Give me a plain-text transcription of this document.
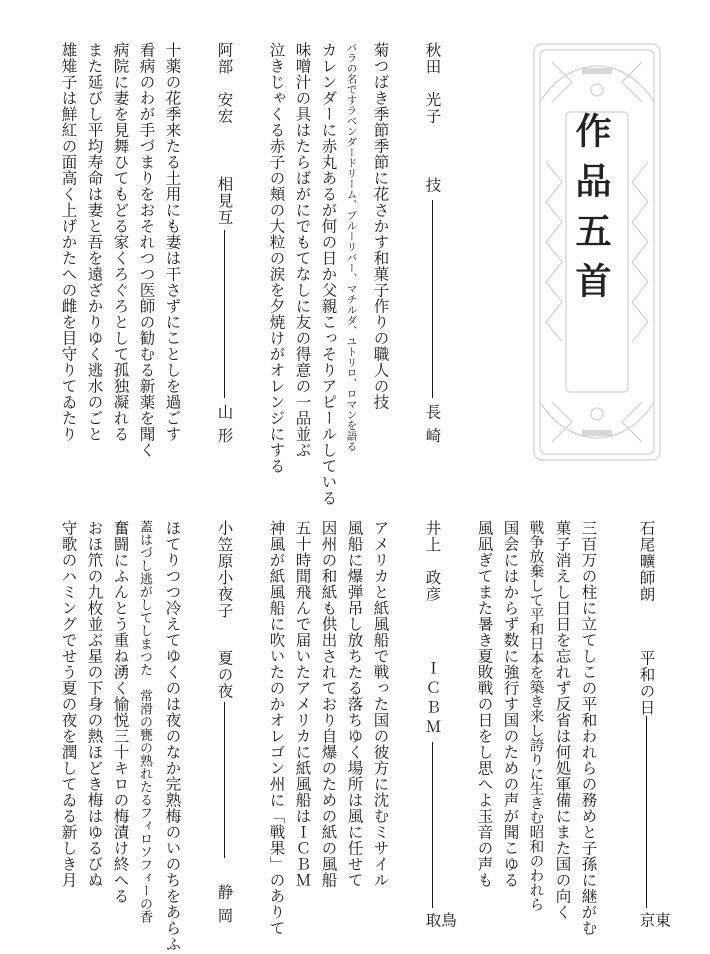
作品五首
秋田　光子
技
長崎
菊つばき季節季節に花さかす和菓子作りの職人の技
バラの名ですラベンダードリーム、ブルーリバー、マチルダ、ユトリロ、ロマンを語る
カレンダーに赤丸あるが何の日か父親こっそりアピールしている
味噌汁の具はたらばがにでもてなしに友の得意の一品並ぶ
泣きじゃくる赤子の頬の大粒の涙を夕焼けがオレンジにする
阿部　安宏
相見互
山形
十薬の花季来たる土用にも妻は干さずにことしを過ごす
看病のわが手づまりをおそれつつ医師の勧むる新薬を聞く
病院に妻を見舞ひてもどる家くろぐろとして孤独凝れる
また延びし平均寿命は妻と吾を遠ざかりゆく逃水のごと
雄雉子は鮮紅の面高く上げかたへの雌を目守りてゐたり
石尾曠師朗
平和の日
東京
三百万の柱に立てしこの平和われらの務めと子孫に継がむ
菓子消えし日日を忘れず反省は何処軍備にまた国の向く
戦争放棄して平和日本を築き来し誇りに生きむ昭和のわれら
国会にはからず数に強行す国のための声が聞こゆる
風凪ぎてまた暑き夏敗戦の日をし思へよ玉音の声も
井上　政彦
ＩＣＢＭ
鳥取
アメリカと紙風船で戦った国の彼方に沈むミサイル
風船に爆弾吊し放ちたる落ちゆく場所は風に任せて
因州の和紙も供出されており自爆のための紙の風船
五十時間飛んで届いたアメリカに紙風船はＩＣＢＭ
神風が紙風船に吹いたのかオレゴン州に「戦果」のありて
小笠原小夜子
夏の夜
静岡
ほてりつつ冷えてゆくのは夜のなか完熟梅のいのちをあらふ
蓋はづし逃がしてしまつた　常滑の甕の熟れたるフィロソフィーの香
奮闘にふんとう重ね湧く愉悦三十キロの梅漬け終へる
おほ笊の九枚並ぶ星の下身の熱ほどき梅はゆるびぬ
守歌のハミングでせう夏の夜を潤してゐる新しき月
